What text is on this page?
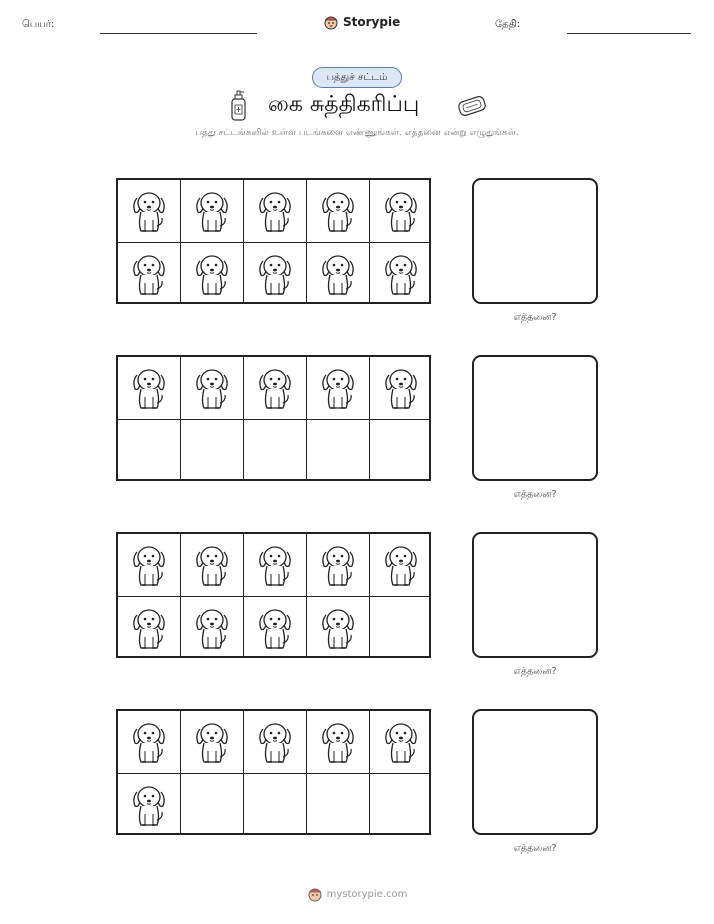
பெயர்:	Storypie	தேதி:
பத்துச் சட்டம்
கை சுத்திகரிப்பு
பத்து சட்டங்களில் உள்ள படங்களை எண்ணுங்கள். எத்தனை என்று எழுதுங்கள்.
எத்தனை?
எத்தனை?
எத்தனை?
எத்தனை?
mystorypie.com
